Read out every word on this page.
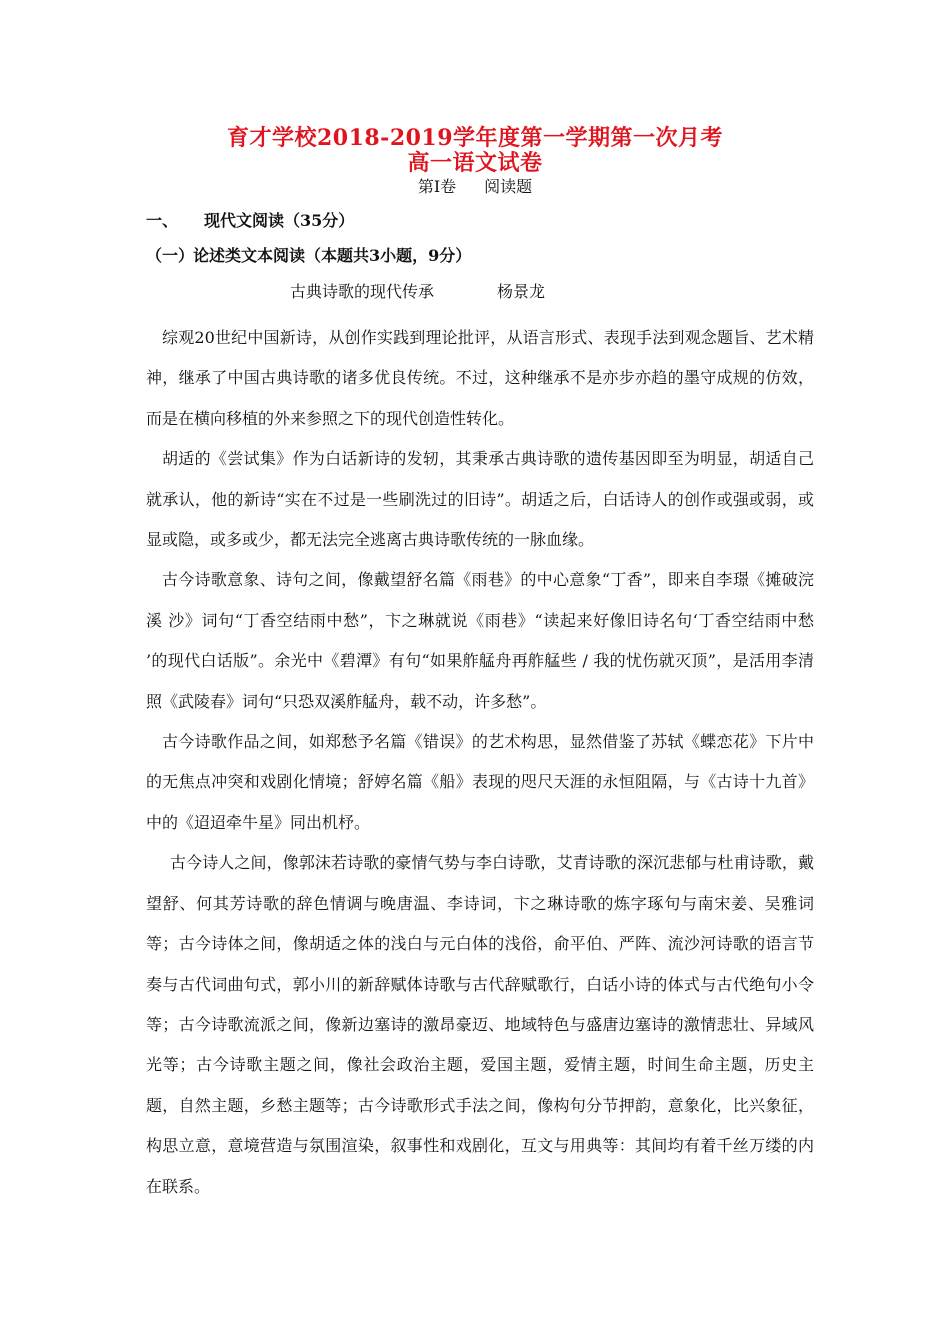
育才学校2018-2019学年度第一学期第一次月考
高一语文试卷
第Ⅰ卷 阅读题
一、 现代文阅读（35分）
（一）论述类文本阅读（本题共3小题，9分）
古典诗歌的现代传承	杨景龙

综观20世纪中国新诗，从创作实践到理论批评，从语言形式、表现手法到观念题旨、艺术精神，继承了中国古典诗歌的诸多优良传统。不过，这种继承不是亦步亦趋的墨守成规的仿效，而是在横向移植的外来参照之下的现代创造性转化。

胡适的《尝试集》作为白话新诗的发轫，其秉承古典诗歌的遗传基因即至为明显，胡适自己就承认，他的新诗“实在不过是一些刷洗过的旧诗”。胡适之后，白话诗人的创作或强或弱，或显或隐，或多或少，都无法完全逃离古典诗歌传统的一脉血缘。

古今诗歌意象、诗句之间，像戴望舒名篇《雨巷》的中心意象“丁香”，即来自李璟《摊破浣溪 沙》词句“丁香空结雨中愁”，卞之琳就说《雨巷》“读起来好像旧诗名句‘丁香空结雨中愁 ’的现代白话版”。余光中《碧潭》有句“如果舴艋舟再舴艋些 / 我的忧伤就灭顶”，是活用李清照《武陵春》词句“只恐双溪舴艋舟，载不动，许多愁”。

古今诗歌作品之间，如郑愁予名篇《错误》的艺术构思，显然借鉴了苏轼《蝶恋花》下片中的无焦点冲突和戏剧化情境；舒婷名篇《船》表现的咫尺天涯的永恒阻隔，与《古诗十九首》中的《迢迢牵牛星》同出机杼。

古今诗人之间，像郭沫若诗歌的豪情气势与李白诗歌，艾青诗歌的深沉悲郁与杜甫诗歌，戴望舒、何其芳诗歌的辞色情调与晚唐温、李诗词，卞之琳诗歌的炼字琢句与南宋姜、吴雅词等；古今诗体之间，像胡适之体的浅白与元白体的浅俗，俞平伯、严阵、流沙河诗歌的语言节奏与古代词曲句式，郭小川的新辞赋体诗歌与古代辞赋歌行，白话小诗的体式与古代绝句小令等；古今诗歌流派之间，像新边塞诗的激昂豪迈、地域特色与盛唐边塞诗的激情悲壮、异域风光等；古今诗歌主题之间，像社会政治主题，爱国主题，爱情主题，时间生命主题，历史主题，自然主题，乡愁主题等；古今诗歌形式手法之间，像构句分节押韵，意象化，比兴象征，构思立意，意境营造与氛围渲染，叙事性和戏剧化，互文与用典等：其间均有着千丝万缕的内在联系。
